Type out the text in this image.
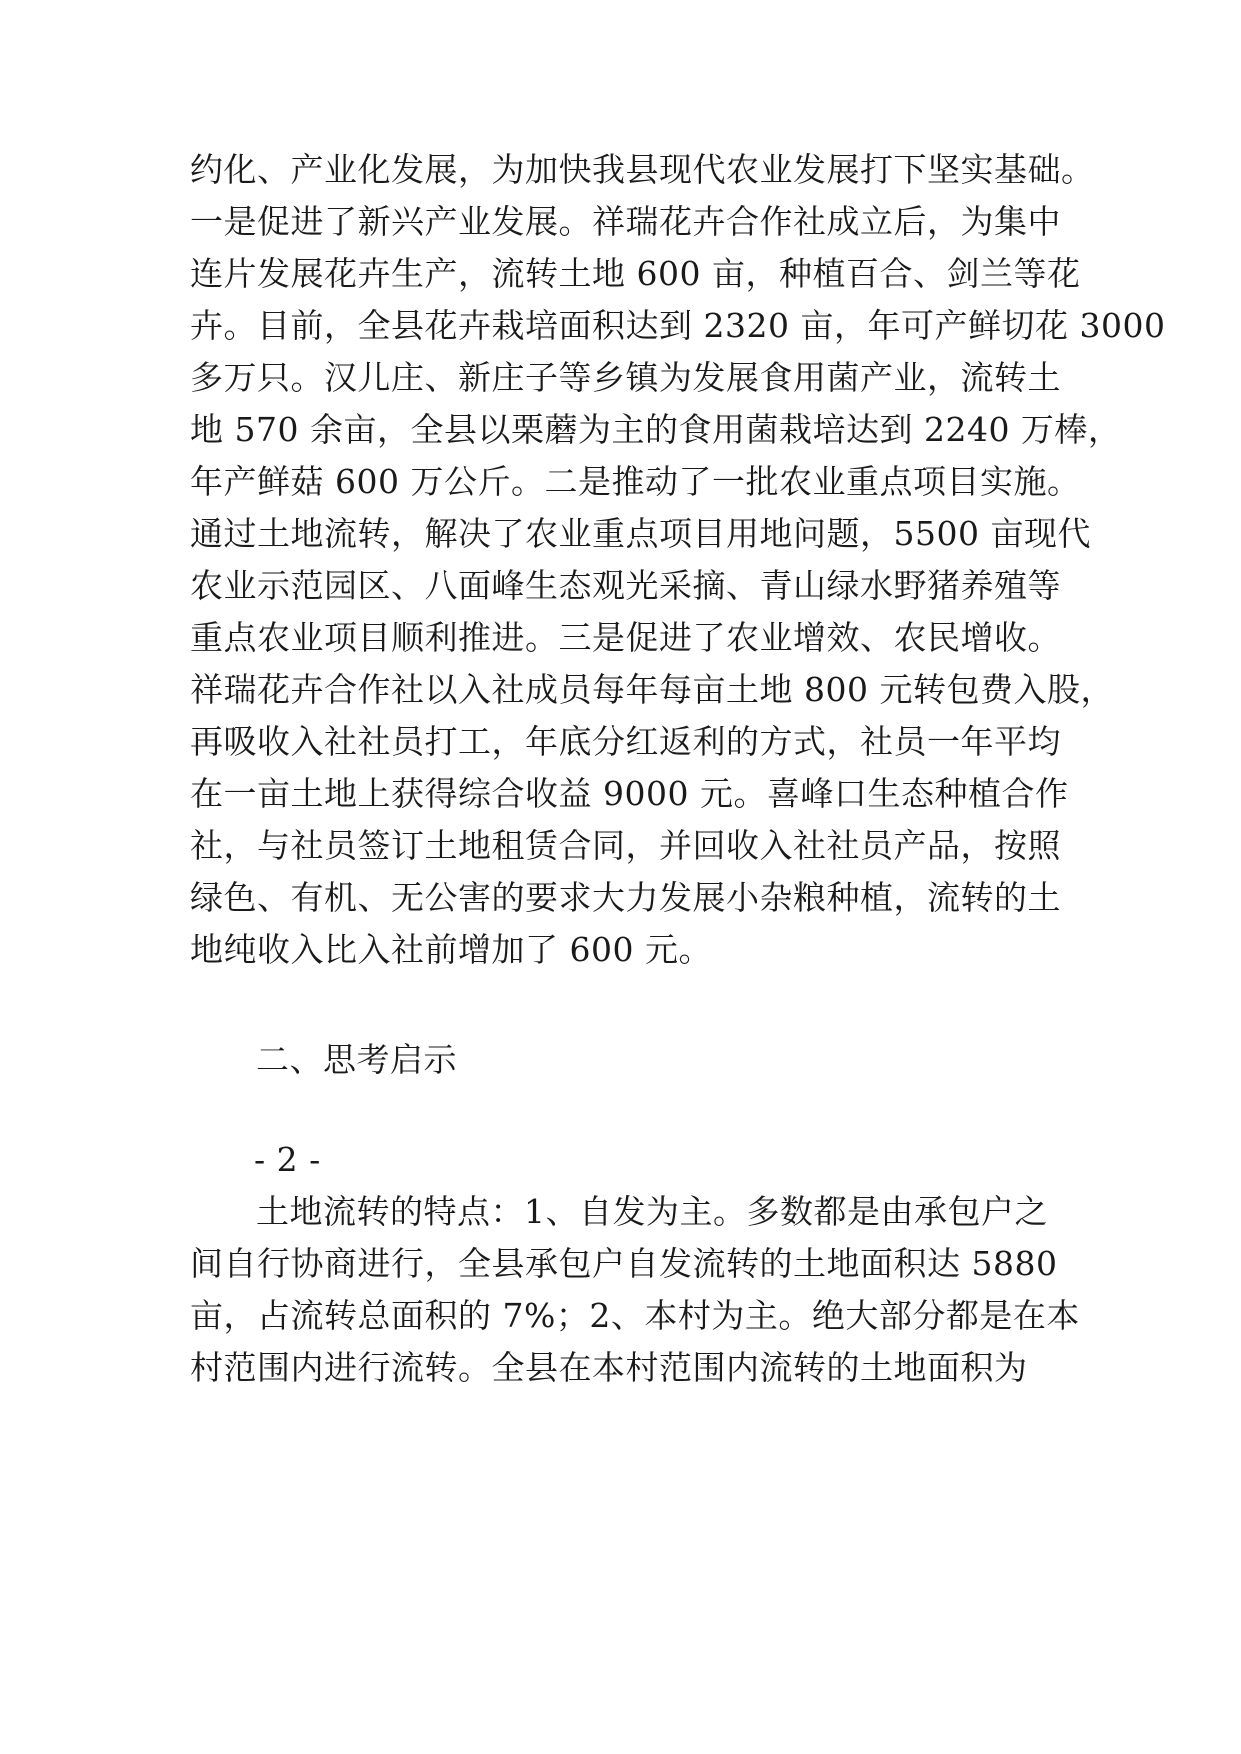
约化、产业化发展，为加快我县现代农业发展打下坚实基础。
一是促进了新兴产业发展。祥瑞花卉合作社成立后，为集中
连片发展花卉生产，流转土地 600 亩，种植百合、剑兰等花
卉。目前，全县花卉栽培面积达到 2320 亩，年可产鲜切花 3000
多万只。汉儿庄、新庄子等乡镇为发展食用菌产业，流转土
地 570 余亩，全县以栗蘑为主的食用菌栽培达到 2240 万棒，
年产鲜菇 600 万公斤。二是推动了一批农业重点项目实施。
通过土地流转，解决了农业重点项目用地问题，5500 亩现代
农业示范园区、八面峰生态观光采摘、青山绿水野猪养殖等
重点农业项目顺利推进。三是促进了农业增效、农民增收。
祥瑞花卉合作社以入社成员每年每亩土地 800 元转包费入股，
再吸收入社社员打工，年底分红返利的方式，社员一年平均
在一亩土地上获得综合收益 9000 元。喜峰口生态种植合作
社，与社员签订土地租赁合同，并回收入社社员产品，按照
绿色、有机、无公害的要求大力发展小杂粮种植，流转的土
地纯收入比入社前增加了 600 元。
二、思考启示
- 2 -
土地流转的特点：1、自发为主。多数都是由承包户之
间自行协商进行，全县承包户自发流转的土地面积达 5880
亩，占流转总面积的 7%；2、本村为主。绝大部分都是在本
村范围内进行流转。全县在本村范围内流转的土地面积为
